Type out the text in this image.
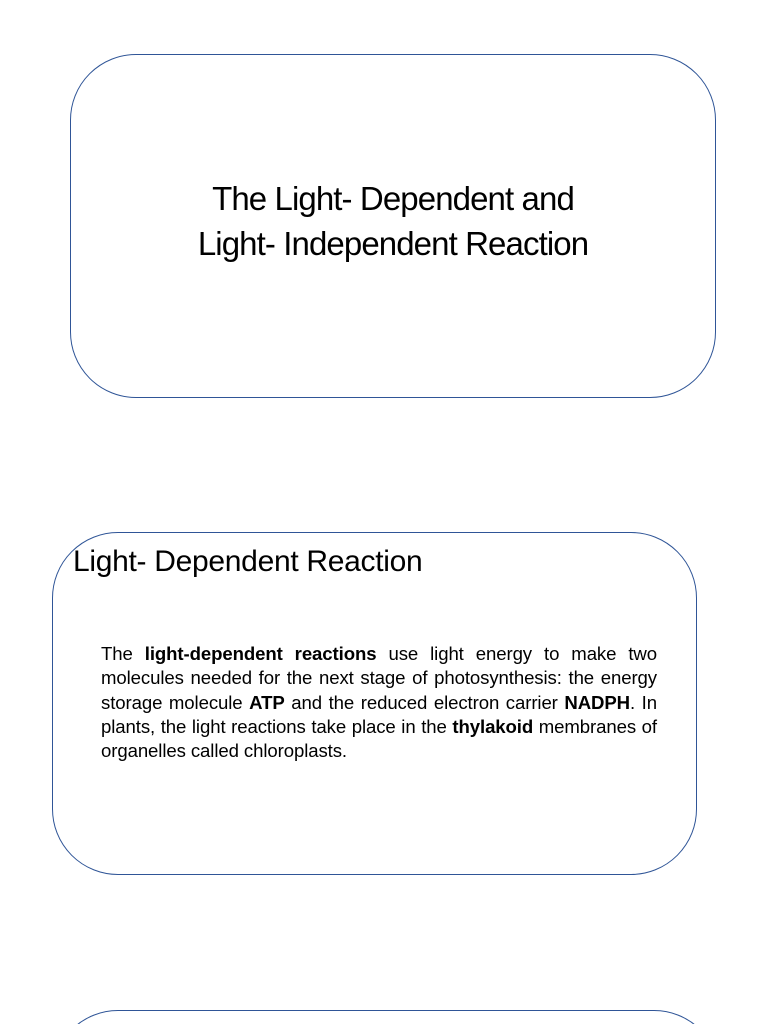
The Light- Dependent and
Light- Independent Reaction
Light- Dependent Reaction
The light-dependent reactions use light energy to make two molecules needed for the next stage of photosynthesis: the energy storage molecule ATP and the reduced electron carrier NADPH. In plants, the light reactions take place in the thylakoid membranes of organelles called chloroplasts.
